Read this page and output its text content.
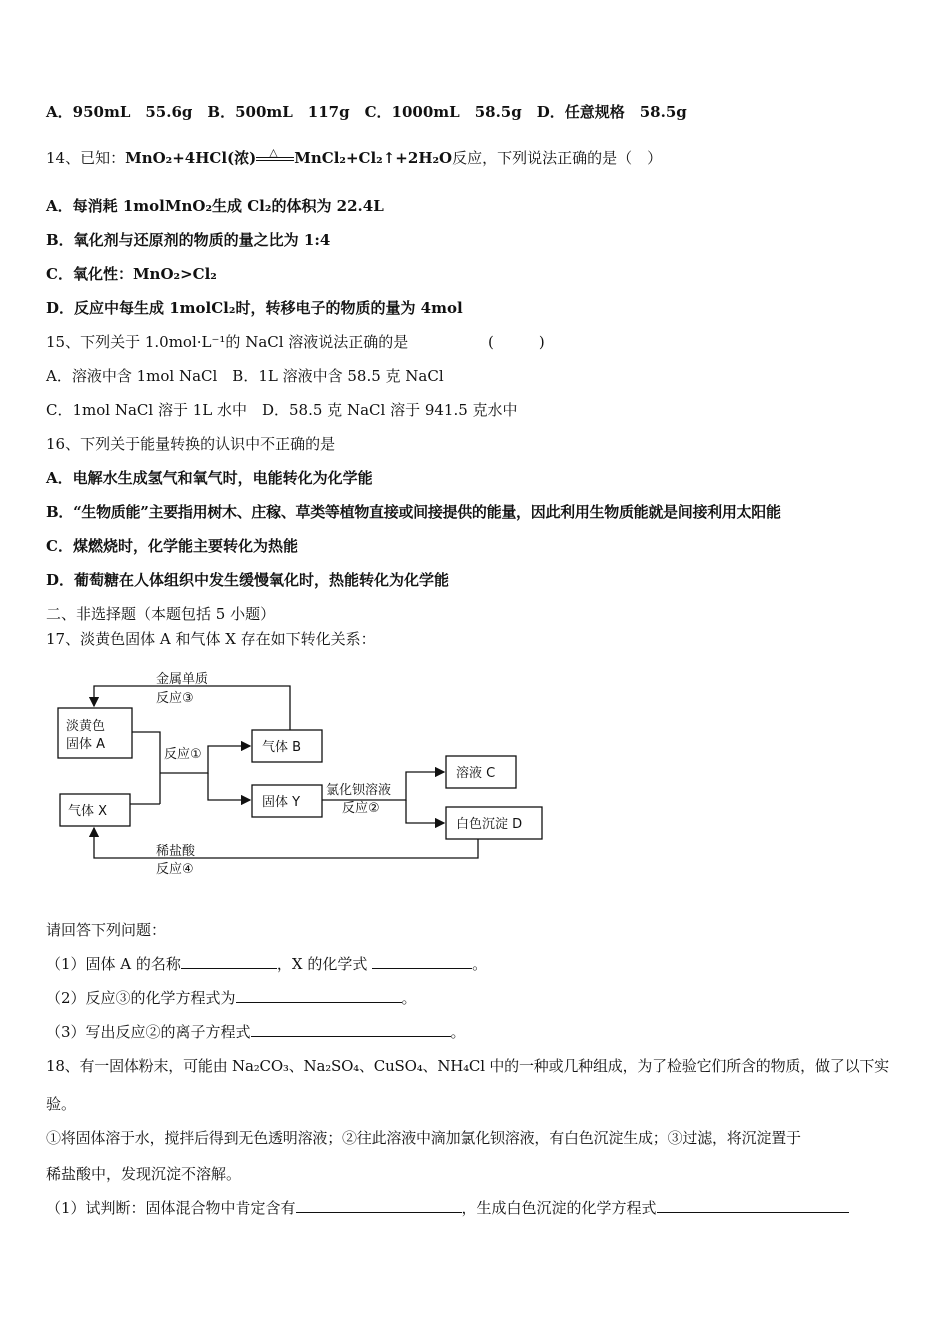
A．950mL　55.6g　B．500mL　117g　C．1000mL　58.5g　D．任意规格　58.5g
14、已知：MnO₂+4HCl(浓) △ MnCl₂+Cl₂↑+2H₂O反应，下列说法正确的是（　）
A．每消耗 1molMnO₂生成 Cl₂的体积为 22.4L
B．氧化剂与还原剂的物质的量之比为 1:4
C．氧化性：MnO₂>Cl₂
D．反应中每生成 1molCl₂时，转移电子的物质的量为 4mol
15、下列关于 1.0mol·L⁻¹的 NaCl 溶液说法正确的是	(　　　)
A．溶液中含 1mol NaCl　B．1L 溶液中含 58.5 克 NaCl
C．1mol NaCl 溶于 1L 水中　D．58.5 克 NaCl 溶于 941.5 克水中
16、下列关于能量转换的认识中不正确的是
A．电解水生成氢气和氧气时，电能转化为化学能
B．“生物质能”主要指用树木、庄稼、草类等植物直接或间接提供的能量，因此利用生物质能就是间接利用太阳能
C．煤燃烧时，化学能主要转化为热能
D．葡萄糖在人体组织中发生缓慢氧化时，热能转化为化学能
二、非选择题（本题包括 5 小题）
17、淡黄色固体 A 和气体 X 存在如下转化关系：
淡黄色
固体 A
气体 X
气体 B
固体 Y
溶液 C
白色沉淀 D
金属单质
反应③
反应①
氯化钡溶液
反应②
稀盐酸
反应④
请回答下列问题：
（1）固体 A 的名称	，X 的化学式	。
（2）反应③的化学方程式为	。
（3）写出反应②的离子方程式	。
18、有一固体粉末，可能由 Na₂CO₃、Na₂SO₄、CuSO₄、NH₄Cl 中的一种或几种组成，为了检验它们所含的物质，做了以下实
验。
①将固体溶于水，搅拌后得到无色透明溶液；②往此溶液中滴加氯化钡溶液，有白色沉淀生成；③过滤，将沉淀置于
稀盐酸中，发现沉淀不溶解。
（1）试判断：固体混合物中肯定含有	，生成白色沉淀的化学方程式
